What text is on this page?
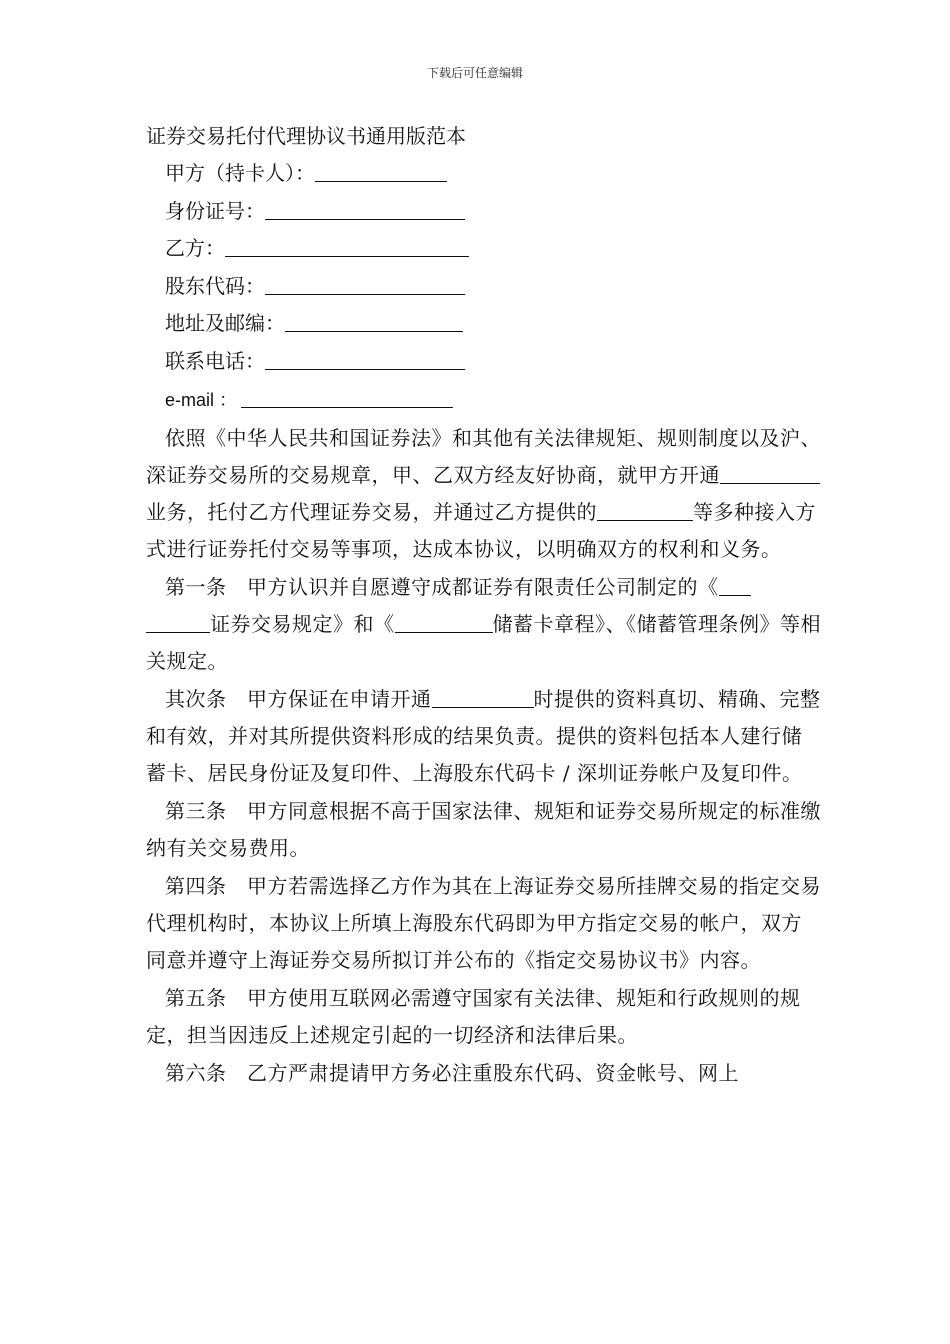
下载后可任意编辑
证券交易托付代理协议书通用版范本
甲方（持卡人）：
身份证号：
乙方：
股东代码：
地址及邮编：
联系电话：
e-mail ：

依照《中华人民共和国证券法》和其他有关法律规矩、规则制度以及沪、深证券交易所的交易规章，甲、乙双方经友好协商，就甲方开通业务，托付乙方代理证券交易，并通过乙方提供的	等多种接入方式进行证券托付交易等事项，达成本协议，以明确双方的权利和义务。

第一条　甲方认识并自愿遵守成都证券有限责任公司制定的《
证券交易规定》和《	储蓄卡章程》、《储蓄管理条例》等相关规定。

其次条　甲方保证在申请开通	时提供的资料真切、精确、完整和有效，并对其所提供资料形成的结果负责。提供的资料包括本人建行储蓄卡、居民身份证及复印件、上海股东代码卡 / 深圳证券帐户及复印件。

第三条　甲方同意根据不高于国家法律、规矩和证券交易所规定的标准缴纳有关交易费用。

第四条　甲方若需选择乙方作为其在上海证券交易所挂牌交易的指定交易代理机构时，本协议上所填上海股东代码即为甲方指定交易的帐户，双方同意并遵守上海证券交易所拟订并公布的《指定交易协议书》内容。

第五条　甲方使用互联网必需遵守国家有关法律、规矩和行政规则的规定，担当因违反上述规定引起的一切经济和法律后果。

第六条　乙方严肃提请甲方务必注重股东代码、资金帐号、网上
